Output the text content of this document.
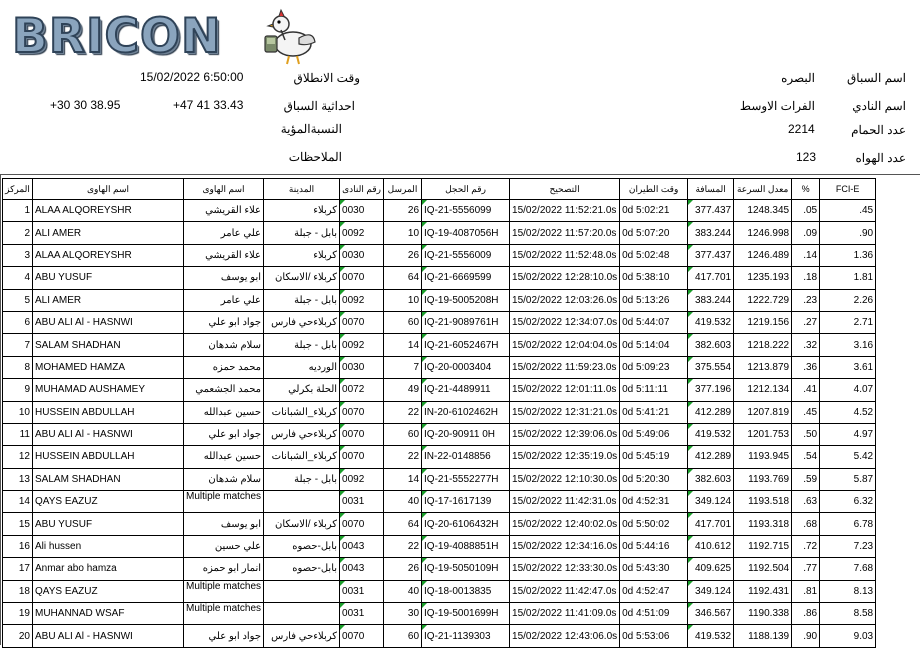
BRICON
15/02/2022 6:50:00	وقت الانطلاق
+30 30 38.95	+47 41 33.43	احداثية السباق
النسبةالمؤية
الملاحظات
البصره	اسم السباق
الفرات الاوسط	اسم النادي
2214	عدد الحمام
123	عدد الهواه
المركز	اسم الهاوى	اسم الهاوى	المدينة	رقم النادى	المرسل	رقم الحجل	التصحيح	وقت الطيران	المسافة	معدل السرعة	%	FCI-E
1	ALAA ALQOREYSHR	علاء القريشي	كربلاء	0030	26	IQ-21-5556099	15/02/2022 11:52:21.0s	0d 5:02:21	377.437	1248.345	.05	.45
2	ALI AMER	علي عامر	بابل - جبلة	0092	10	IQ-19-4087056H	15/02/2022 11:57:20.0s	0d 5:07:20	383.244	1246.998	.09	.90
3	ALAA ALQOREYSHR	علاء القريشي	كربلاء	0030	26	IQ-21-5556009	15/02/2022 11:52:48.0s	0d 5:02:48	377.437	1246.489	.14	1.36
4	ABU YUSUF	ابو يوسف	كربلاء /الاسكان	0070	64	IQ-21-6669599	15/02/2022 12:28:10.0s	0d 5:38:10	417.701	1235.193	.18	1.81
5	ALI AMER	علي عامر	بابل - جبلة	0092	10	IQ-19-5005208H	15/02/2022 12:03:26.0s	0d 5:13:26	383.244	1222.729	.23	2.26
6	ABU ALI Al - HASNWI	جواد ابو علي	كربلاءحي فارس	0070	60	IQ-21-9089761H	15/02/2022 12:34:07.0s	0d 5:44:07	419.532	1219.156	.27	2.71
7	SALAM SHADHAN	سلام شدهان	بابل - جبلة	0092	14	IQ-21-6052467H	15/02/2022 12:04:04.0s	0d 5:14:04	382.603	1218.222	.32	3.16
8	MOHAMED HAMZA	محمد حمزه	الورديه	0030	7	IQ-20-0003404	15/02/2022 11:59:23.0s	0d 5:09:23	375.554	1213.879	.36	3.61
9	MUHAMAD AUSHAMEY	محمد الجشعمي	الحلة بكرلي	0072	49	IQ-21-4489911	15/02/2022 12:01:11.0s	0d 5:11:11	377.196	1212.134	.41	4.07
10	HUSSEIN ABDULLAH	حسين عبدالله	كربلاء_الشبانات	0070	22	IN-20-6102462H	15/02/2022 12:31:21.0s	0d 5:41:21	412.289	1207.819	.45	4.52
11	ABU ALI Al - HASNWI	جواد ابو علي	كربلاءحي فارس	0070	60	IQ-20-90911 0H	15/02/2022 12:39:06.0s	0d 5:49:06	419.532	1201.753	.50	4.97
12	HUSSEIN ABDULLAH	حسين عبدالله	كربلاء_الشبانات	0070	22	IN-22-0148856	15/02/2022 12:35:19.0s	0d 5:45:19	412.289	1193.945	.54	5.42
13	SALAM SHADHAN	سلام شدهان	بابل - جبلة	0092	14	IQ-21-5552277H	15/02/2022 12:10:30.0s	0d 5:20:30	382.603	1193.769	.59	5.87
14	QAYS EAZUZ	Multiple matches		0031	40	IQ-17-1617139	15/02/2022 11:42:31.0s	0d 4:52:31	349.124	1193.518	.63	6.32
15	ABU YUSUF	ابو يوسف	كربلاء /الاسكان	0070	64	IQ-20-6106432H	15/02/2022 12:40:02.0s	0d 5:50:02	417.701	1193.318	.68	6.78
16	Ali hussen	علي حسين	بابل-حصوه	0043	22	IQ-19-4088851H	15/02/2022 12:34:16.0s	0d 5:44:16	410.612	1192.715	.72	7.23
17	Anmar abo hamza	انمار ابو حمزه	بابل-حصوه	0043	26	IQ-19-5050109H	15/02/2022 12:33:30.0s	0d 5:43:30	409.625	1192.504	.77	7.68
18	QAYS EAZUZ	Multiple matches		0031	40	IQ-18-0013835	15/02/2022 11:42:47.0s	0d 4:52:47	349.124	1192.431	.81	8.13
19	MUHANNAD WSAF	Multiple matches		0031	30	IQ-19-5001699H	15/02/2022 11:41:09.0s	0d 4:51:09	346.567	1190.338	.86	8.58
20	ABU ALI Al - HASNWI	جواد ابو علي	كربلاءحي فارس	0070	60	IQ-21-1139303	15/02/2022 12:43:06.0s	0d 5:53:06	419.532	1188.139	.90	9.03
